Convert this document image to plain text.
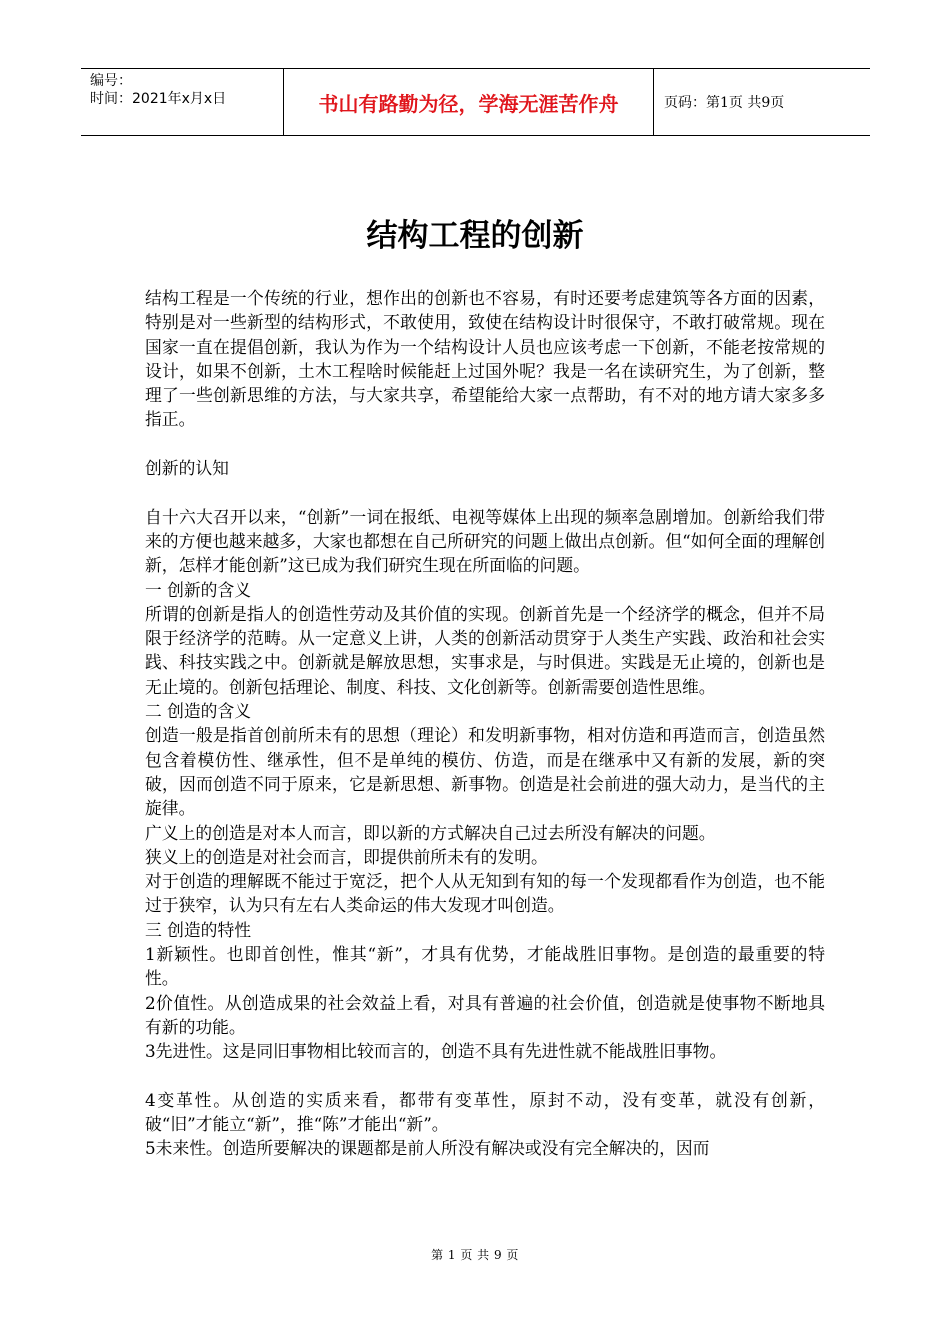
编号：
时间：2021年x月x日	书山有路勤为径，学海无涯苦作舟	页码：第1页 共9页
结构工程的创新

结构工程是一个传统的行业，想作出的创新也不容易，有时还要考虑建筑等各方面的因素，特别是对一些新型的结构形式，不敢使用，致使在结构设计时很保守，不敢打破常规。现在国家一直在提倡创新，我认为作为一个结构设计人员也应该考虑一下创新，不能老按常规的设计，如果不创新，土木工程啥时候能赶上过国外呢？我是一名在读研究生，为了创新，整理了一些创新思维的方法，与大家共享，希望能给大家一点帮助，有不对的地方请大家多多指正。

创新的认知

自十六大召开以来，“创新”一词在报纸、电视等媒体上出现的频率急剧增加。创新给我们带来的方便也越来越多，大家也都想在自己所研究的问题上做出点创新。但“如何全面的理解创新，怎样才能创新”这已成为我们研究生现在所面临的问题。

一 创新的含义

所谓的创新是指人的创造性劳动及其价值的实现。创新首先是一个经济学的概念，但并不局限于经济学的范畴。从一定意义上讲，人类的创新活动贯穿于人类生产实践、政治和社会实践、科技实践之中。创新就是解放思想，实事求是，与时俱进。实践是无止境的，创新也是无止境的。创新包括理论、制度、科技、文化创新等。创新需要创造性思维。

二 创造的含义

创造一般是指首创前所未有的思想（理论）和发明新事物，相对仿造和再造而言，创造虽然包含着模仿性、继承性，但不是单纯的模仿、仿造，而是在继承中又有新的发展，新的突破，因而创造不同于原来，它是新思想、新事物。创造是社会前进的强大动力，是当代的主旋律。

广义上的创造是对本人而言，即以新的方式解决自己过去所没有解决的问题。

狭义上的创造是对社会而言，即提供前所未有的发明。

对于创造的理解既不能过于宽泛，把个人从无知到有知的每一个发现都看作为创造，也不能过于狭窄，认为只有左右人类命运的伟大发现才叫创造。

三 创造的特性

1新颖性。也即首创性，惟其“新”，才具有优势，才能战胜旧事物。是创造的最重要的特性。

2价值性。从创造成果的社会效益上看，对具有普遍的社会价值，创造就是使事物不断地具有新的功能。

3先进性。这是同旧事物相比较而言的，创造不具有先进性就不能战胜旧事物。

4变革性。从创造的实质来看，都带有变革性，原封不动，没有变革，就没有创新，破“旧”才能立“新”，推“陈”才能出“新”。

5未来性。创造所要解决的课题都是前人所没有解决或没有完全解决的，因而

第 1 页 共 9 页
